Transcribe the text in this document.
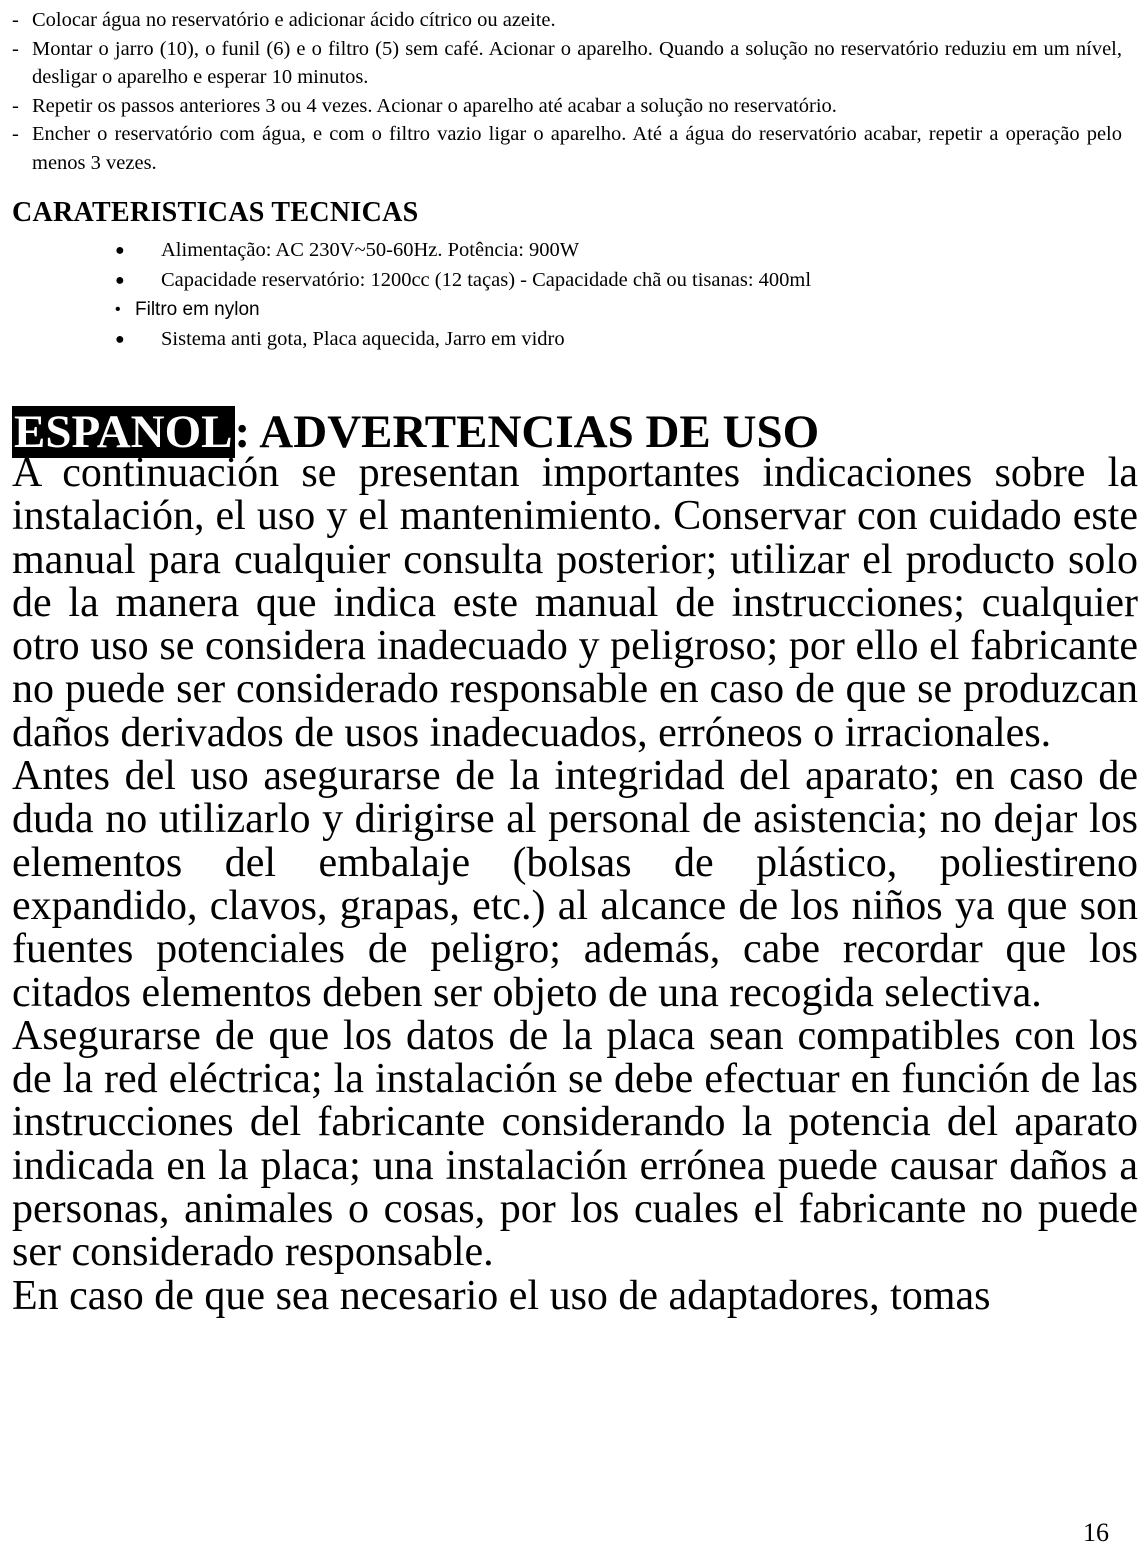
- Colocar água no reservatório e adicionar ácido cítrico ou azeite.
- Montar o jarro (10), o funil (6) e o filtro (5) sem café. Acionar o aparelho. Quando a solução no reservatório reduziu em um nível, desligar o aparelho e esperar 10 minutos.
- Repetir os passos anteriores 3 ou 4 vezes. Acionar o aparelho até acabar a solução no reservatório.
- Encher o reservatório com água, e com o filtro vazio ligar o aparelho. Até a água do reservatório acabar, repetir a operação pelo menos 3 vezes.
CARATERISTICAS TECNICAS
● Alimentação: AC 230V~50-60Hz. Potência: 900W
● Capacidade reservatório: 1200cc (12 taças) - Capacidade chã ou tisanas: 400ml
• Filtro em nylon
● Sistema anti gota, Placa aquecida, Jarro em vidro
ESPANOL: ADVERTENCIAS DE USO

A continuación se presentan importantes indicaciones sobre la instalación, el uso y el mantenimiento. Conservar con cuidado este manual para cualquier consulta posterior; utilizar el producto solo de la manera que indica este manual de instrucciones; cualquier otro uso se considera inadecuado y peligroso; por ello el fabricante no puede ser considerado responsable en caso de que se produzcan daños derivados de usos inadecuados, erróneos o irracionales.

Antes del uso asegurarse de la integridad del aparato; en caso de duda no utilizarlo y dirigirse al personal de asistencia; no dejar los elementos del embalaje (bolsas de plástico, poliestireno expandido, clavos, grapas, etc.) al alcance de los niños ya que son fuentes potenciales de peligro; además, cabe recordar que los citados elementos deben ser objeto de una recogida selectiva.

Asegurarse de que los datos de la placa sean compatibles con los de la red eléctrica; la instalación se debe efectuar en función de las instrucciones del fabricante considerando la potencia del aparato indicada en la placa; una instalación errónea puede causar daños a personas, animales o cosas, por los cuales el fabricante no puede ser considerado responsable.

En caso de que sea necesario el uso de adaptadores, tomas

16
